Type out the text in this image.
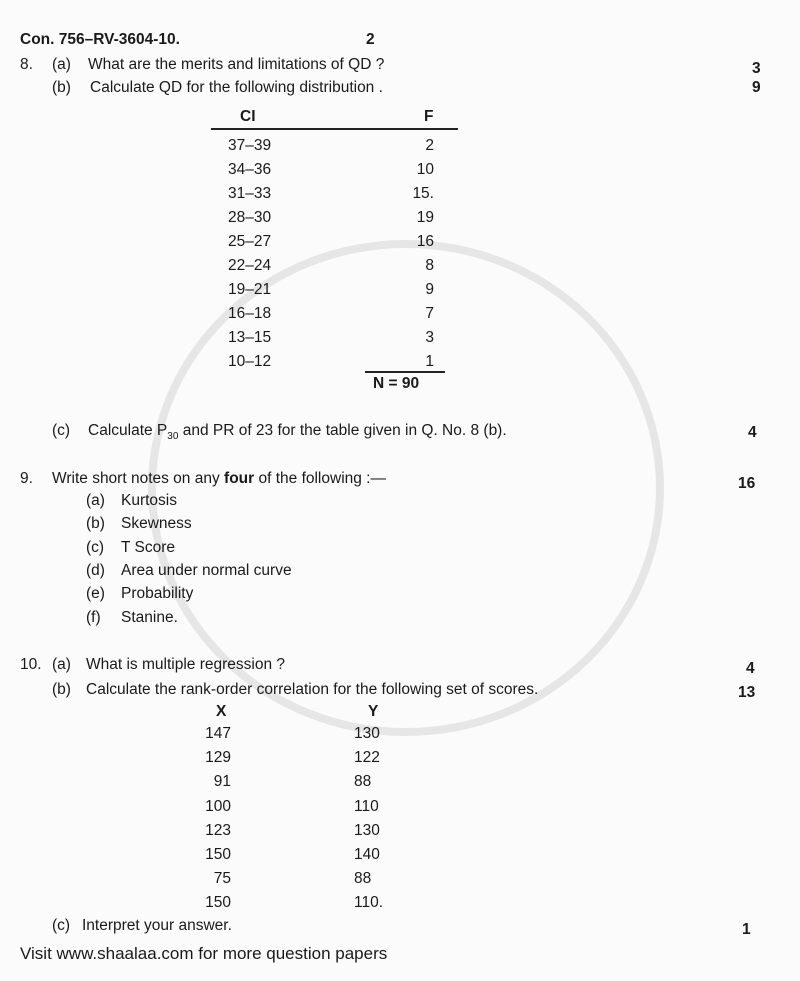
Con. 756–RV-3604-10.	2
8. (a) What are the merits and limitations of QD ?	3
(b) Calculate QD for the following distribution .	9
CI	F
37–39	2
34–36	10
31–33	15.
28–30	19
25–27	16
22–24	8
19–21	9
16–18	7
13–15	3
10–12	1
N = 90
(c) Calculate $P_{30}$ and PR of 23 for the table given in Q. No. 8 (b).	4
9. Write short notes on any four of the following :—	16
(a) Kurtosis
(b) Skewness
(c) T Score
(d) Area under normal curve
(e) Probability
(f) Stanine.
10. (a) What is multiple regression ?	4
(b) Calculate the rank-order correlation for the following set of scores.	13
X	Y
147	130
129	122
91	88
100	110
123	130
150	140
75	88
150	110.
(c) Interpret your answer.	1
Visit www.shaalaa.com for more question papers
